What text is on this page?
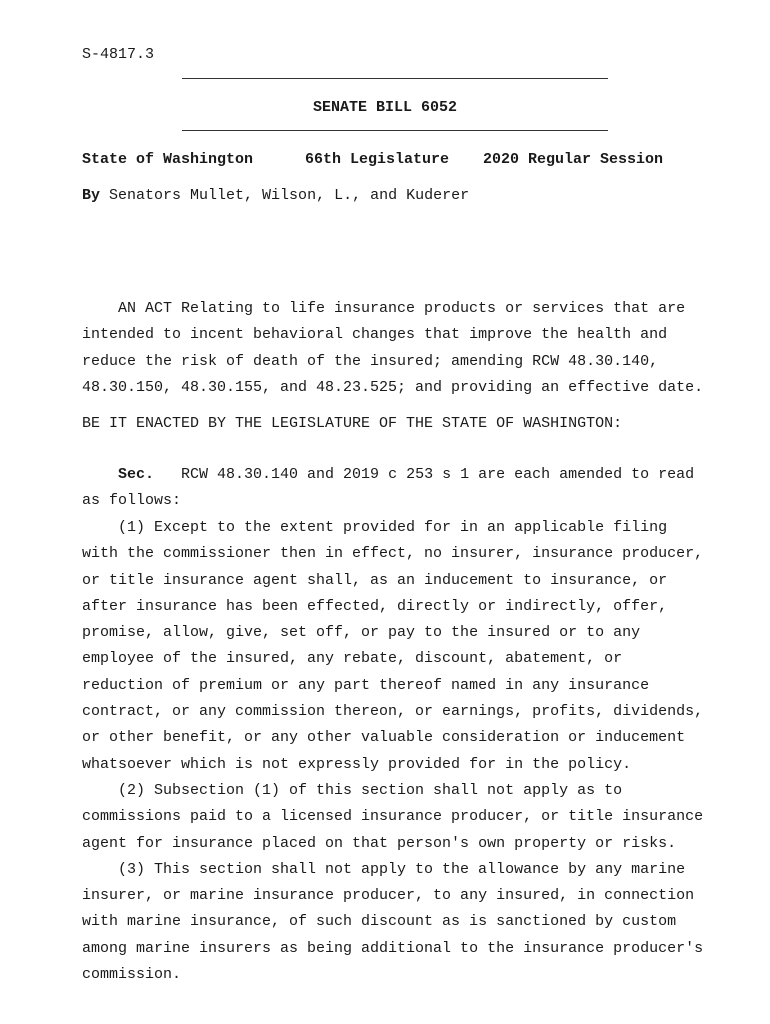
S-4817.3
SENATE BILL 6052
State of Washington	66th Legislature 2020 Regular Session
By Senators Mullet, Wilson, L., and Kuderer
AN ACT Relating to life insurance products or services that are
intended to incent behavioral changes that improve the health and
reduce the risk of death of the insured; amending RCW 48.30.140,
48.30.150, 48.30.155, and 48.23.525; and providing an effective date.
BE IT ENACTED BY THE LEGISLATURE OF THE STATE OF WASHINGTON:
Sec. RCW 48.30.140 and 2019 c 253 s 1 are each amended to read
as follows:
(1) Except to the extent provided for in an applicable filing
with the commissioner then in effect, no insurer, insurance producer,
or title insurance agent shall, as an inducement to insurance, or
after insurance has been effected, directly or indirectly, offer,
promise, allow, give, set off, or pay to the insured or to any
employee of the insured, any rebate, discount, abatement, or
reduction of premium or any part thereof named in any insurance
contract, or any commission thereon, or earnings, profits, dividends,
or other benefit, or any other valuable consideration or inducement
whatsoever which is not expressly provided for in the policy.
(2) Subsection (1) of this section shall not apply as to
commissions paid to a licensed insurance producer, or title insurance
agent for insurance placed on that person's own property or risks.
(3) This section shall not apply to the allowance by any marine
insurer, or marine insurance producer, to any insured, in connection
with marine insurance, of such discount as is sanctioned by custom
among marine insurers as being additional to the insurance producer's
commission.
